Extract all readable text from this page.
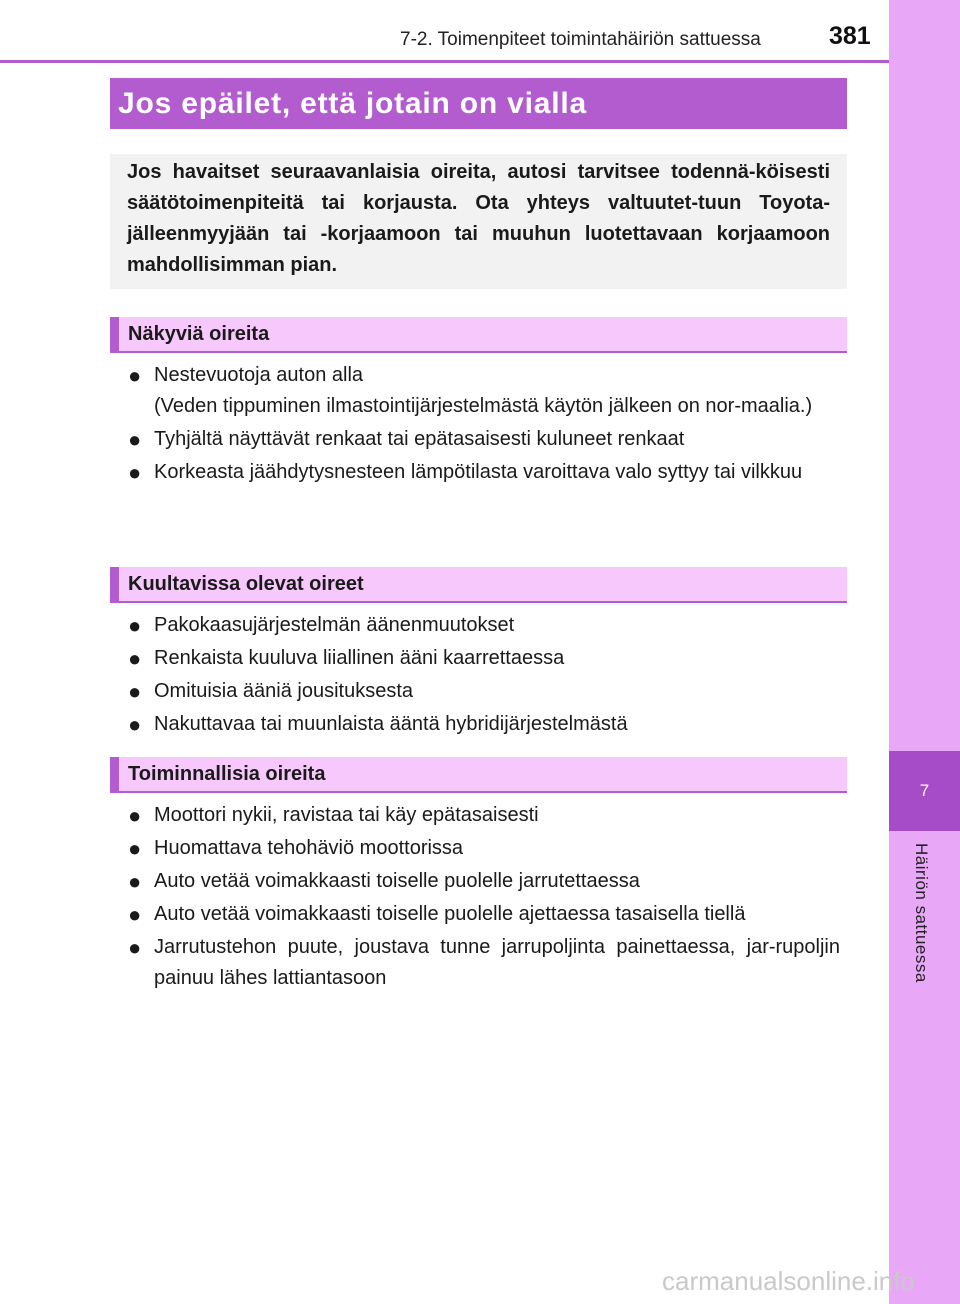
7
Häiriön sattuessa
7-2. Toimenpiteet toimintahäiriön sattuessa	381
Jos epäilet, että jotain on vialla
Jos havaitset seuraavanlaisia oireita, autosi tarvitsee todennä-köisesti säätötoimenpiteitä tai korjausta. Ota yhteys valtuutet-tuun Toyota-jälleenmyyjään tai -korjaamoon tai muuhun luotettavaan korjaamoon mahdollisimman pian.
Näkyviä oireita
● Nestevuotoja auton alla
(Veden tippuminen ilmastointijärjestelmästä käytön jälkeen on nor-maalia.)
● Tyhjältä näyttävät renkaat tai epätasaisesti kuluneet renkaat
● Korkeasta jäähdytysnesteen lämpötilasta varoittava valo syttyy tai vilkkuu
Kuultavissa olevat oireet
● Pakokaasujärjestelmän äänenmuutokset
● Renkaista kuuluva liiallinen ääni kaarrettaessa
● Omituisia ääniä jousituksesta
● Nakuttavaa tai muunlaista ääntä hybridijärjestelmästä
Toiminnallisia oireita
● Moottori nykii, ravistaa tai käy epätasaisesti
● Huomattava tehohäviö moottorissa
● Auto vetää voimakkaasti toiselle puolelle jarrutettaessa
● Auto vetää voimakkaasti toiselle puolelle ajettaessa tasaisella tiellä
● Jarrutustehon puute, joustava tunne jarrupoljinta painettaessa, jar-rupoljin painuu lähes lattiantasoon
carmanualsonline.info
